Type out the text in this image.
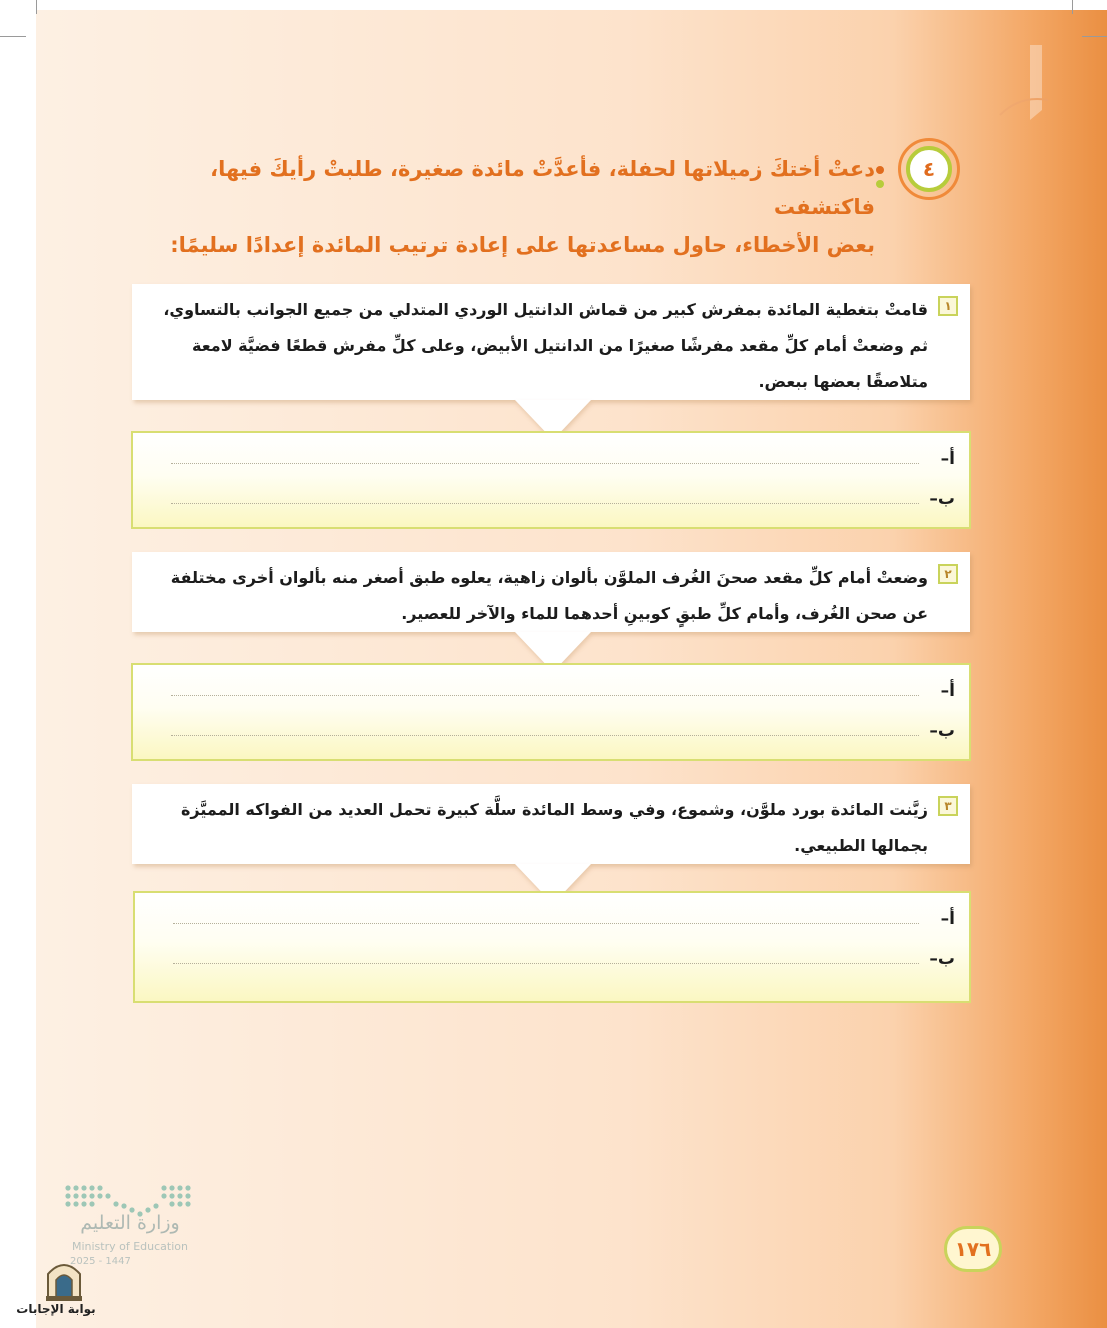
٤
دعتْ أختكَ زميلاتها لحفلة، فأعدَّتْ مائدة صغيرة، طلبتْ رأيكَ فيها، فاكتشفت
بعض الأخطاء، حاول مساعدتها على إعادة ترتيب المائدة إعدادًا سليمًا:
١
قامتْ بتغطية المائدة بمفرش كبير من قماش الدانتيل الوردي المتدلي من جميع الجوانب بالتساوي، ثم وضعتْ أمام كلِّ مقعد مفرشًا صغيرًا من الدانتيل الأبيض، وعلى كلِّ مفرش قطعًا فضيَّة لامعة متلاصقًا بعضها ببعض.
أ–
ب–
٢
وضعتْ أمام كلِّ مقعد صحنَ الغُرف الملوَّن بألوان زاهية، يعلوه طبق أصغر منه بألوان أخرى مختلفة عن صحن الغُرف، وأمام كلِّ طبقٍ كوبينِ أحدهما للماء والآخر للعصير.
أ–
ب–
٣
زيَّنت المائدة بورد ملوَّن، وشموع، وفي وسط المائدة سلَّة كبيرة تحمل العديد من الفواكه المميَّزة بجمالها الطبيعي.
أ–
ب–
وزارة التعليم
Ministry of Education
2025 - 1447
١٧٦
بوابة الإجابات
